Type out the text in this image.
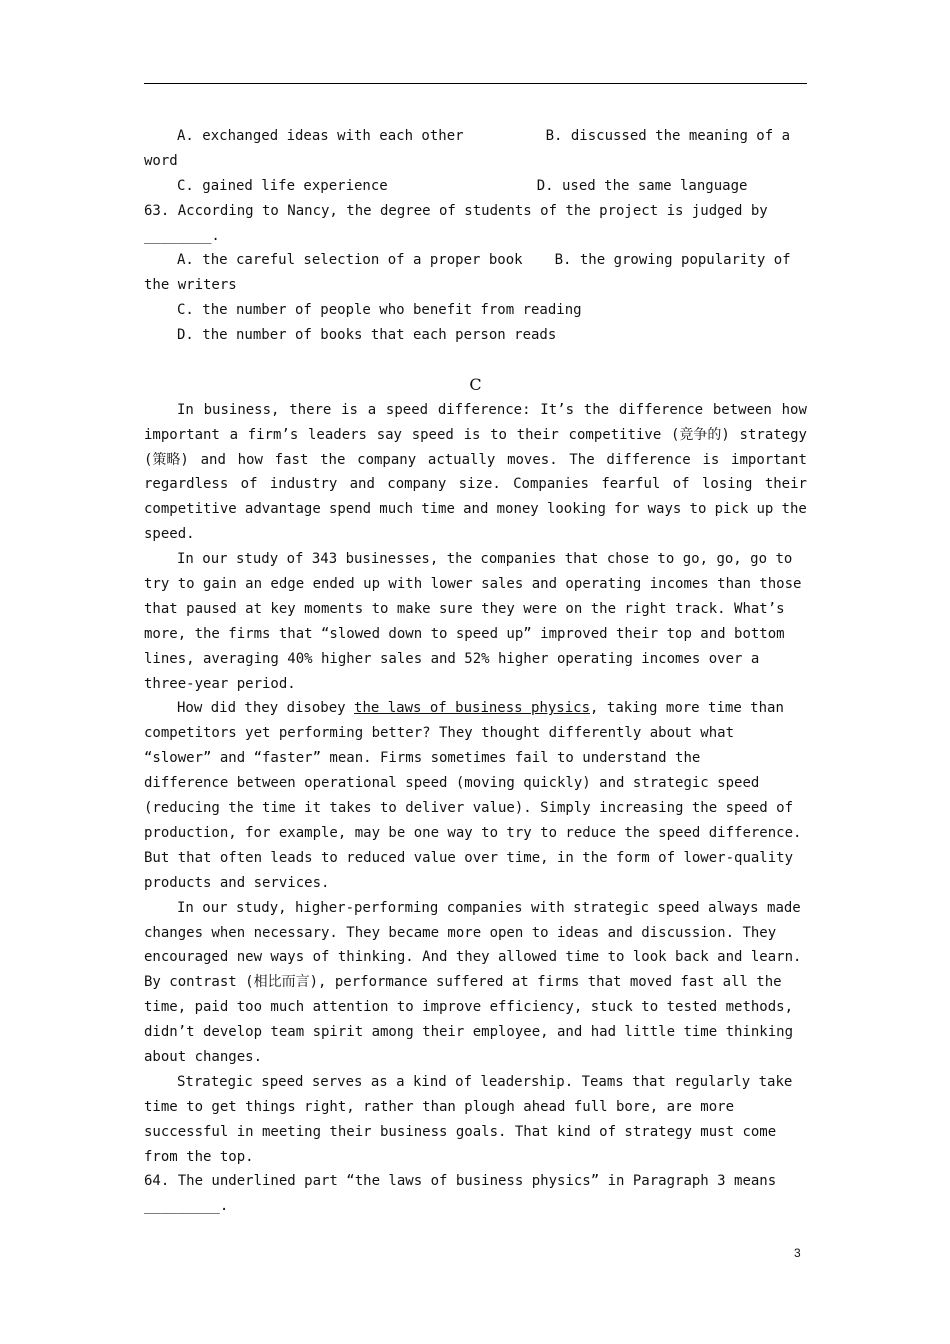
A. exchanged ideas with each other	B. discussed the meaning of a
word
C. gained life experience	D. used the same language
63. According to Nancy, the degree of students of the project is judged by
________.
A. the careful selection of a proper book B. the growing popularity of
the writers
C. the number of people who benefit from reading
D. the number of books that each person reads
C
In business, there is a speed difference: It’s the difference between how
important a firm’s leaders say speed is to their competitive (竞争的) strategy
(策略) and how fast the company actually moves. The difference is important
regardless of industry and company size. Companies fearful of losing their
competitive advantage spend much time and money looking for ways to pick up the
speed.
In our study of 343 businesses, the companies that chose to go, go, go to
try to gain an edge ended up with lower sales and operating incomes than those
that paused at key moments to make sure they were on the right track. What’s
more, the firms that “slowed down to speed up” improved their top and bottom
lines, averaging 40% higher sales and 52% higher operating incomes over a
three-year period.
How did they disobey the laws of business physics, taking more time than
competitors yet performing better? They thought differently about what
“slower” and “faster” mean. Firms sometimes fail to understand the
difference between operational speed (moving quickly) and strategic speed
(reducing the time it takes to deliver value). Simply increasing the speed of
production, for example, may be one way to try to reduce the speed difference.
But that often leads to reduced value over time, in the form of lower-quality
products and services.
In our study, higher-performing companies with strategic speed always made
changes when necessary. They became more open to ideas and discussion. They
encouraged new ways of thinking. And they allowed time to look back and learn.
By contrast (相比而言), performance suffered at firms that moved fast all the
time, paid too much attention to improve efficiency, stuck to tested methods,
didn’t develop team spirit among their employee, and had little time thinking
about changes.
Strategic speed serves as a kind of leadership. Teams that regularly take
time to get things right, rather than plough ahead full bore, are more
successful in meeting their business goals. That kind of strategy must come
from the top.
64. The underlined part “the laws of business physics” in Paragraph 3 means
_________.
3
